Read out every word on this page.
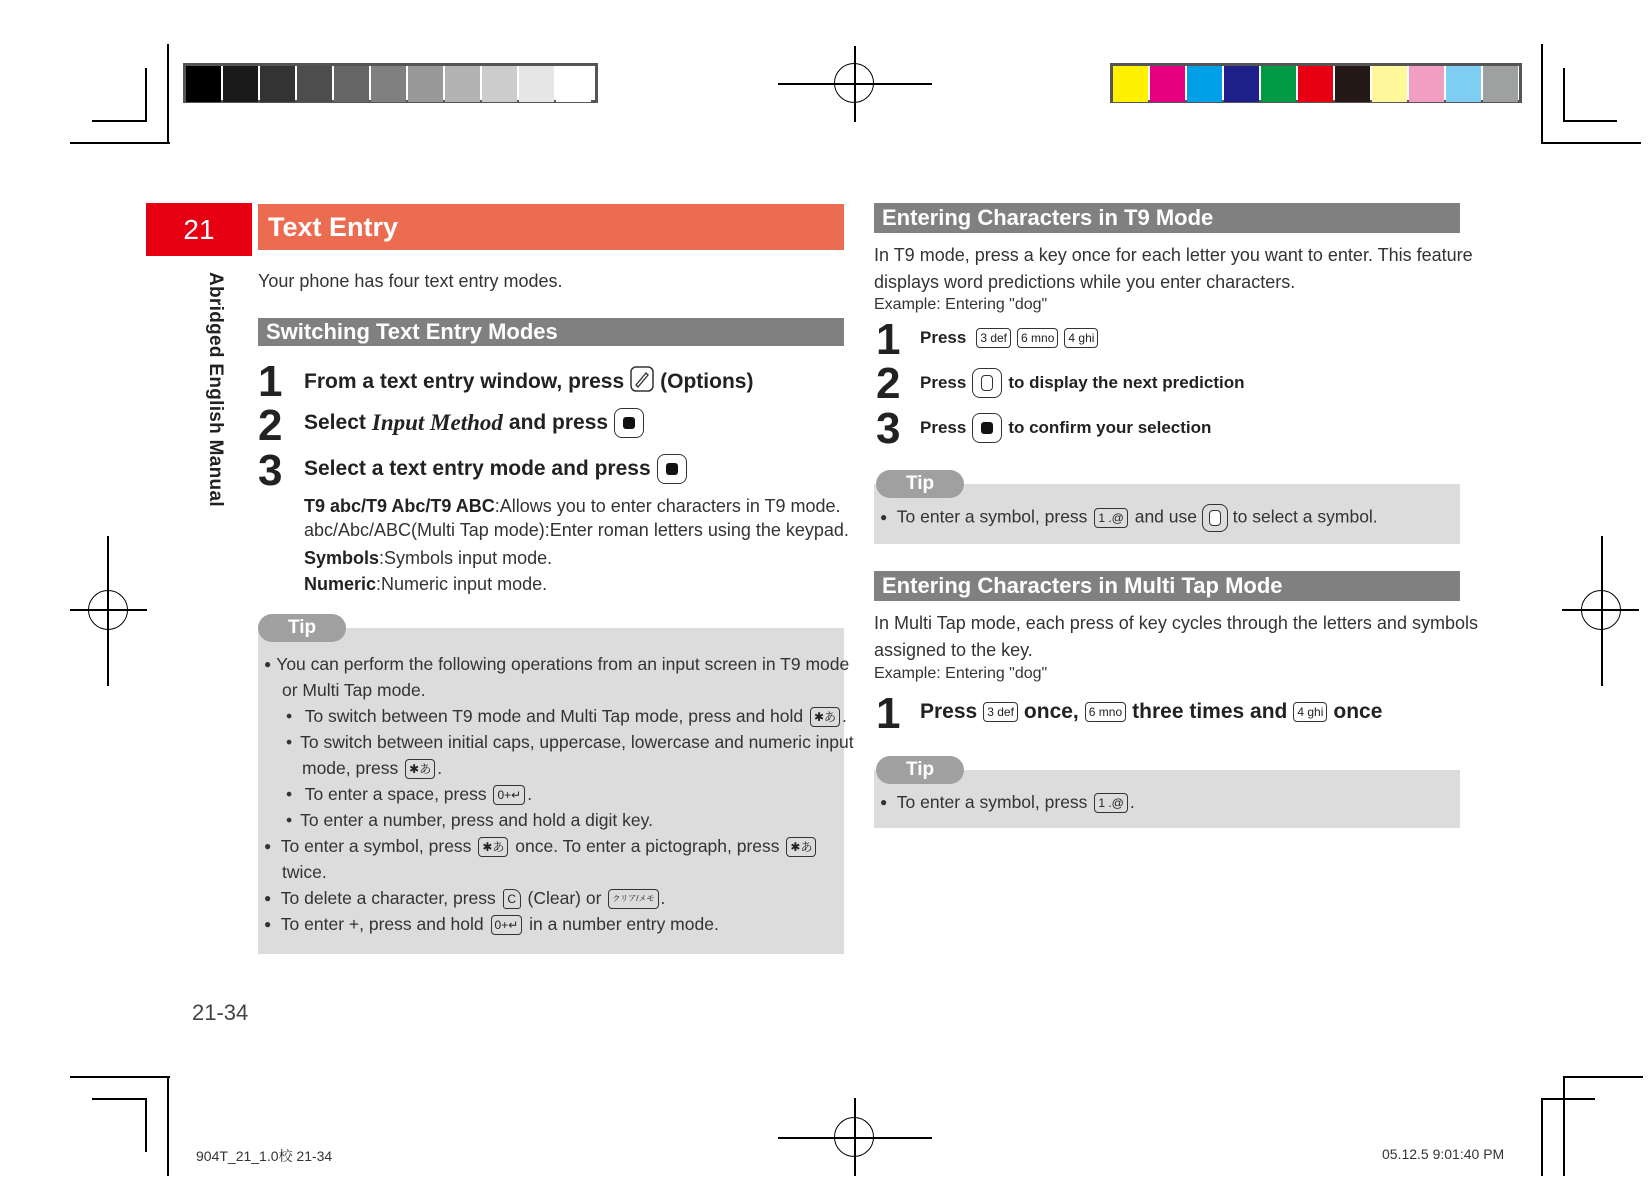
21
Abridged English Manual
Text Entry
Your phone has four text entry modes.
Switching Text Entry Modes
1 From a text entry window, press (Options)
2 Select Input Method and press
3 Select a text entry mode and press
T9 abc/T9 Abc/T9 ABC:Allows you to enter characters in T9 mode.
abc/Abc/ABC(Multi Tap mode):Enter roman letters using the keypad.
Symbols:Symbols input mode.
Numeric:Numeric input mode.
Tip
● You can perform the following operations from an input screen in T9 mode
or Multi Tap mode.
• To switch between T9 mode and Multi Tap mode, press and hold ✱あ .
• To switch between initial caps, uppercase, lowercase and numeric input
mode, press ✱あ .
• To enter a space, press 0+↵ .
• To enter a number, press and hold a digit key.
● To enter a symbol, press ✱あ once. To enter a pictograph, press ✱あ
twice.
● To delete a character, press C (Clear) or クリア/メモ .
● To enter +, press and hold 0+↵ in a number entry mode.
Entering Characters in T9 Mode
In T9 mode, press a key once for each letter you want to enter. This feature
displays word predictions while you enter characters.
Example: Entering "dog"
1 Press	3 def	6 mno	4 ghi
2 Press to display the next prediction
3 Press to confirm your selection
Tip
● To enter a symbol, press 1 .@ and use to select a symbol.
Entering Characters in Multi Tap Mode
In Multi Tap mode, each press of key cycles through the letters and symbols
assigned to the key.
Example: Entering "dog"
1 Press 3 def once, 6 mno three times and 4 ghi once
Tip
● To enter a symbol, press 1 .@ .
21-34
904T_21_1.0校 21-34	05.12.5 9:01:40 PM
